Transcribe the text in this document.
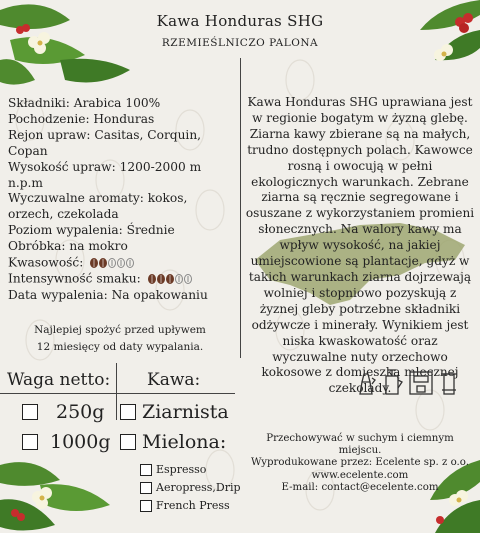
Kawa Honduras SHG
RZEMIEŚLNICZO PALONA
Składniki: Arabica 100%
Pochodzenie: Honduras
Rejon upraw: Casitas, Corquin, Copan
Wysokość upraw: 1200-2000 m n.p.m
Wyczuwalne aromaty: kokos, orzech, czekolada
Poziom wypalenia: Średnie
Obróbka: na mokro
Kwasowość:
Intensywność smaku:
Data wypalenia: Na opakowaniu
Najlepiej spożyć przed upływem 12 miesięcy od daty wypalania.
Kawa Honduras SHG uprawiana jest w regionie bogatym w żyzną glebę. Ziarna kawy zbierane są na małych, trudno dostępnych polach. Kawowce rosną i owocują w pełni ekologicznych warunkach. Zebrane ziarna są ręcznie segregowane i osuszane z wykorzystaniem promieni słonecznych. Na walory kawy ma wpływ wysokość, na jakiej umiejscowione są plantacje, gdyż w takich warunkach ziarna dojrzewają wolniej i stopniowo pozyskują z żyznej gleby potrzebne składniki odżywcze i minerały. Wynikiem jest niska kwaskowatość oraz wyczuwalne nuty orzechowo kokosowe z domieszką mlecznej czekolady.
Waga netto: Kawa:
250g
1000g
Ziarnista
Mielona:
Espresso
Aeropress,Drip
French Press
Przechowywać w suchym i ciemnym miejscu.
Wyprodukowane przez: Ecelente sp. z o.o.
www.ecelente.com
E-mail: contact@ecelente.com
